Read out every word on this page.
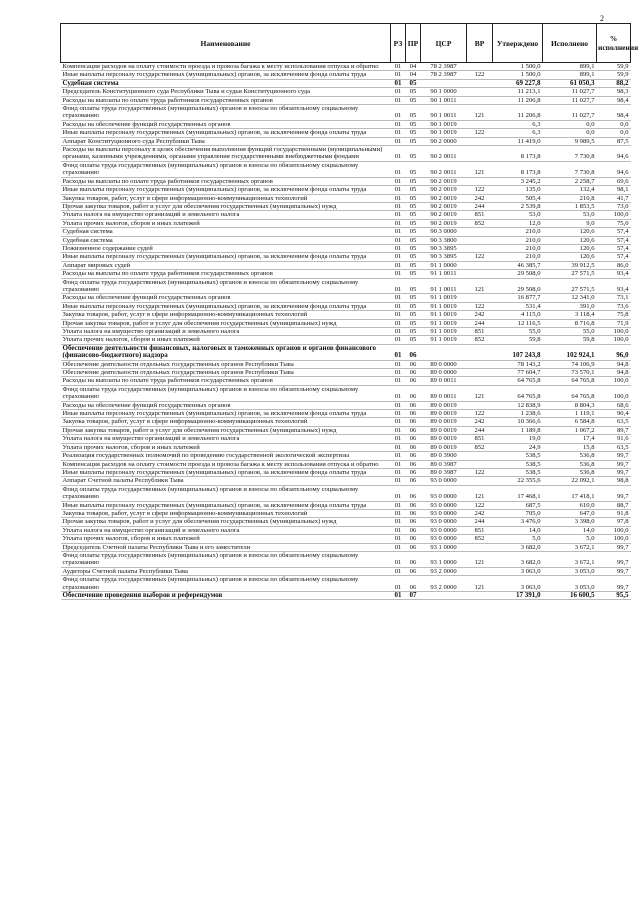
2
Наименование	РЗ	ПР	ЦСР	ВР	Утверждено	Исполнено	% исполнения
Компенсация расходов на оплату стоимости проезда и провоза багажа к месту использования отпуска и обратно	01	04	78 2 3987		1 500,0	899,1	59,9
Иные выплаты персоналу государственных (муниципальных) органов, за исключением фонда оплаты труда	01	04	78 2 3987	122	1 500,0	899,1	59,9
Судебная система	01	05			69 227,8	61 050,3	88,2
Председатель Конституционного суда Республики Тыва и судьи Конституционного суда	01	05	90 1 0000		11 213,1	11 027,7	98,3
Расходы на выплаты по оплате труда работников государственных органов	01	05	90 1 0011		11 206,8	11 027,7	98,4
Фонд оплаты труда государственных (муниципальных) органов и взносы по обязательному социальному страхованию	01	05	90 1 0011	121	11 206,8	11 027,7	98,4
Расходы на обеспечение функций государственных органов	01	05	90 1 0019		6,3	0,0	0,0
Иные выплаты персоналу государственных (муниципальных) органов, за исключением фонда оплаты труда	01	05	90 1 0019	122	6,3	0,0	0,0
Аппарат Конституционного суда Республики Тыва	01	05	90 2 0000		11 419,0	9 989,5	87,5
Расходы на выплаты персоналу в целях обеспечения выполнения функций государственными (муниципальными) органами, казенными учреждениями, органами управления государственными внебюджетными фондами	01	05	90 2 0011		8 173,8	7 730,8	94,6
Фонд оплаты труда государственных (муниципальных) органов и взносы по обязательному социальному страхованию	01	05	90 2 0011	121	8 173,8	7 730,8	94,6
Расходы на выплаты по оплате труда работников государственных органов	01	05	90 2 0019		3 245,2	2 258,7	69,6
Иные выплаты персоналу государственных (муниципальных) органов, за исключением фонда оплаты труда	01	05	90 2 0019	122	135,0	132,4	98,1
Закупка товаров, работ, услуг в сфере информационно-коммуникационных технологий	01	05	90 2 0019	242	505,4	210,8	41,7
Прочая закупка товаров, работ и услуг для обеспечения государственных (муниципальных) нужд	01	05	90 2 0019	244	2 539,8	1 853,5	73,0
Уплата налога на имущество организаций и земельного налога	01	05	90 2 0019	851	53,0	53,0	100,0
Уплата прочих налогов, сборов и иных платежей	01	05	90 2 0019	852	12,0	9,0	75,0
Судебная система	01	05	90 3 0000		210,0	120,6	57,4
Судебная система	01	05	90 3 3800		210,0	120,6	57,4
Пожизненное содержание судей	01	05	90 3 3895		210,0	120,6	57,4
Иные выплаты персоналу государственных (муниципальных) органов, за исключением фонда оплаты труда	01	05	90 3 3895	122	210,0	120,6	57,4
Аппарат мировых судей	01	05	91 1 0000		46 385,7	39 912,5	86,0
Расходы на выплаты по оплате труда работников государственных органов	01	05	91 1 0011		29 508,0	27 571,5	93,4
Фонд оплаты труда государственных (муниципальных) органов и взносы по обязательному социальному страхованию	01	05	91 1 0011	121	29 508,0	27 571,5	93,4
Расходы на обеспечение функций государственных органов	01	05	91 1 0019		16 877,7	12 341,0	73,1
Иные выплаты персоналу государственных (муниципальных) органов, за исключением фонда оплаты труда	01	05	91 1 0019	122	531,4	391,0	73,6
Закупка товаров, работ, услуг в сфере информационно-коммуникационных технологий	01	05	91 1 0019	242	4 115,0	3 118,4	75,8
Прочая закупка товаров, работ и услуг для обеспечения государственных (муниципальных) нужд	01	05	91 1 0019	244	12 116,5	8 716,8	71,9
Уплата налога на имущество организаций и земельного налога	01	05	91 1 0019	851	55,0	55,0	100,0
Уплата прочих налогов, сборов и иных платежей	01	05	91 1 0019	852	59,8	59,8	100,0
Обеспечение деятельности финансовых, налоговых и таможенных органов и органов финансового (финансово-бюджетного) надзора	01	06			107 243,8	102 924,1	96,0
Обеспечение деятельности отдельных государственных органов Республики Тыва	01	06	89 0 0000		78 143,2	74 106,9	94,8
Обеспечение деятельности отдельных государственных органов Республики Тыва	01	06	89 0 0000		77 604,7	73 570,1	94,8
Расходы на выплаты по оплате труда работников государственных органов	01	06	89 0 0011		64 765,8	64 765,8	100,0
Фонд оплаты труда государственных (муниципальных) органов и взносы по обязательному социальному страхованию	01	06	89 0 0011	121	64 765,8	64 765,8	100,0
Расходы на обеспечение функций государственных органов	01	06	89 0 0019		12 838,9	8 804,3	68,6
Иные выплаты персоналу государственных (муниципальных) органов, за исключением фонда оплаты труда	01	06	89 0 0019	122	1 238,6	1 119,1	90,4
Закупка товаров, работ, услуг в сфере информационно-коммуникационных технологий	01	06	89 0 0019	242	10 366,6	6 584,8	63,5
Прочая закупка товаров, работ и услуг для обеспечения государственных (муниципальных) нужд	01	06	89 0 0019	244	1 189,8	1 067,2	89,7
Уплата налога на имущество организаций и земельного налога	01	06	89 0 0019	851	19,0	17,4	91,6
Уплата прочих налогов, сборов и иных платежей	01	06	89 0 0019	852	24,9	15,8	63,5
Реализация государственных полномочий по проведению государственной экологической экспертизы	01	06	89 0 3900		538,5	536,8	99,7
Компенсация расходов на оплату стоимости проезда и провоза багажа к месту использования отпуска и обратно	01	06	89 0 3987		538,5	536,8	99,7
Иные выплаты персоналу государственных (муниципальных) органов, за исключением фонда оплаты труда	01	06	89 0 3987	122	538,5	536,8	99,7
Аппарат Счетной палаты Республики Тыва	01	06	93 0 0000		22 355,6	22 092,1	98,8
Фонд оплаты труда государственных (муниципальных) органов и взносы по обязательному социальному страхованию	01	06	93 0 0000	121	17 468,1	17 418,1	99,7
Иные выплаты персоналу государственных (муниципальных) органов, за исключением фонда оплаты труда	01	06	93 0 0000	122	687,5	610,0	88,7
Закупка товаров, работ, услуг в сфере информационно-коммуникационных технологий	01	06	93 0 0000	242	705,0	647,0	91,8
Прочая закупка товаров, работ и услуг для обеспечения государственных (муниципальных) нужд	01	06	93 0 0000	244	3 476,0	3 398,0	97,8
Уплата налога на имущество организаций и земельного налога	01	06	93 0 0000	851	14,0	14,0	100,0
Уплата прочих налогов, сборов и иных платежей	01	06	93 0 0000	852	5,0	5,0	100,0
Председатель Счетной палаты Республики Тыва и его заместители	01	06	93 1 0000		3 682,0	3 672,1	99,7
Фонд оплаты труда государственных (муниципальных) органов и взносы по обязательному социальному страхованию	01	06	93 1 0000	121	3 682,0	3 672,1	99,7
Аудиторы Счетной палаты Республики Тыва	01	06	93 2 0000		3 063,0	3 053,0	99,7
Фонд оплаты труда государственных (муниципальных) органов и взносы по обязательному социальному страхованию	01	06	93 2 0000	121	3 063,0	3 053,0	99,7
Обеспечение проведения выборов и референдумов	01	07			17 391,0	16 600,5	95,5
